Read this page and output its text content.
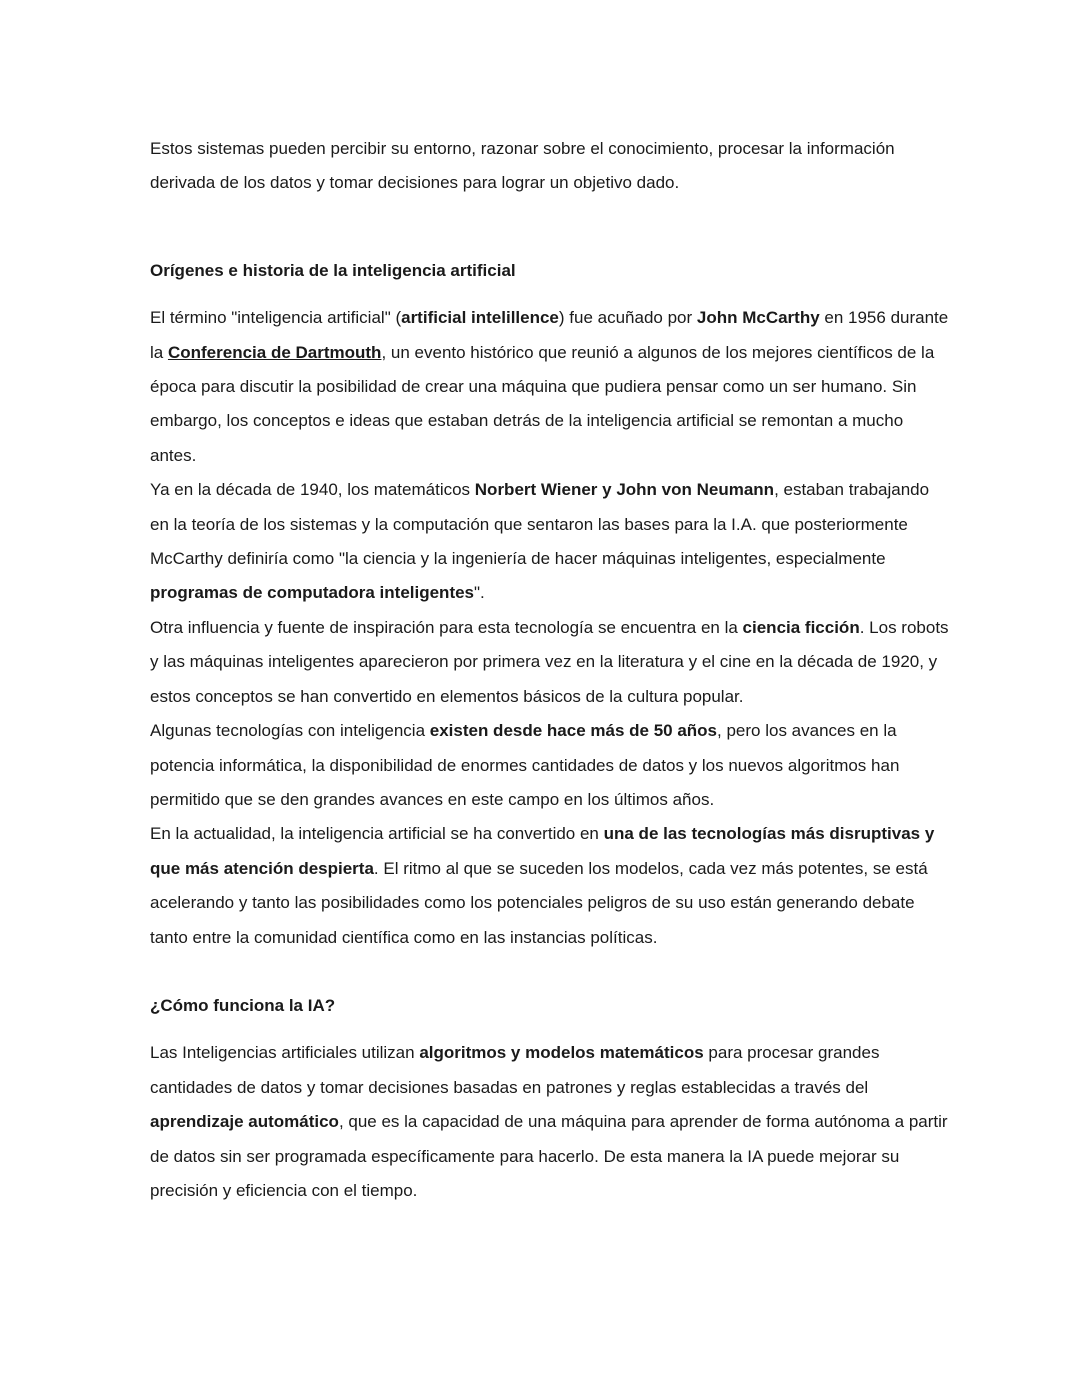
Estos sistemas pueden percibir su entorno, razonar sobre el conocimiento, procesar la información derivada de los datos y tomar decisiones para lograr un objetivo dado.

Orígenes e historia de la inteligencia artificial

El término "inteligencia artificial" (artificial intelillence) fue acuñado por John McCarthy en 1956 durante la Conferencia de Dartmouth, un evento histórico que reunió a algunos de los mejores científicos de la época para discutir la posibilidad de crear una máquina que pudiera pensar como un ser humano. Sin embargo, los conceptos e ideas que estaban detrás de la inteligencia artificial se remontan a mucho antes.

Ya en la década de 1940, los matemáticos Norbert Wiener y John von Neumann, estaban trabajando en la teoría de los sistemas y la computación que sentaron las bases para la I.A. que posteriormente McCarthy definiría como "la ciencia y la ingeniería de hacer máquinas inteligentes, especialmente programas de computadora inteligentes".

Otra influencia y fuente de inspiración para esta tecnología se encuentra en la ciencia ficción. Los robots y las máquinas inteligentes aparecieron por primera vez en la literatura y el cine en la década de 1920, y estos conceptos se han convertido en elementos básicos de la cultura popular.

Algunas tecnologías con inteligencia existen desde hace más de 50 años, pero los avances en la potencia informática, la disponibilidad de enormes cantidades de datos y los nuevos algoritmos han permitido que se den grandes avances en este campo en los últimos años.

En la actualidad, la inteligencia artificial se ha convertido en una de las tecnologías más disruptivas y que más atención despierta. El ritmo al que se suceden los modelos, cada vez más potentes, se está acelerando y tanto las posibilidades como los potenciales peligros de su uso están generando debate tanto entre la comunidad científica como en las instancias políticas.

¿Cómo funciona la IA?

Las Inteligencias artificiales utilizan algoritmos y modelos matemáticos para procesar grandes cantidades de datos y tomar decisiones basadas en patrones y reglas establecidas a través del aprendizaje automático, que es la capacidad de una máquina para aprender de forma autónoma a partir de datos sin ser programada específicamente para hacerlo. De esta manera la IA puede mejorar su precisión y eficiencia con el tiempo.
